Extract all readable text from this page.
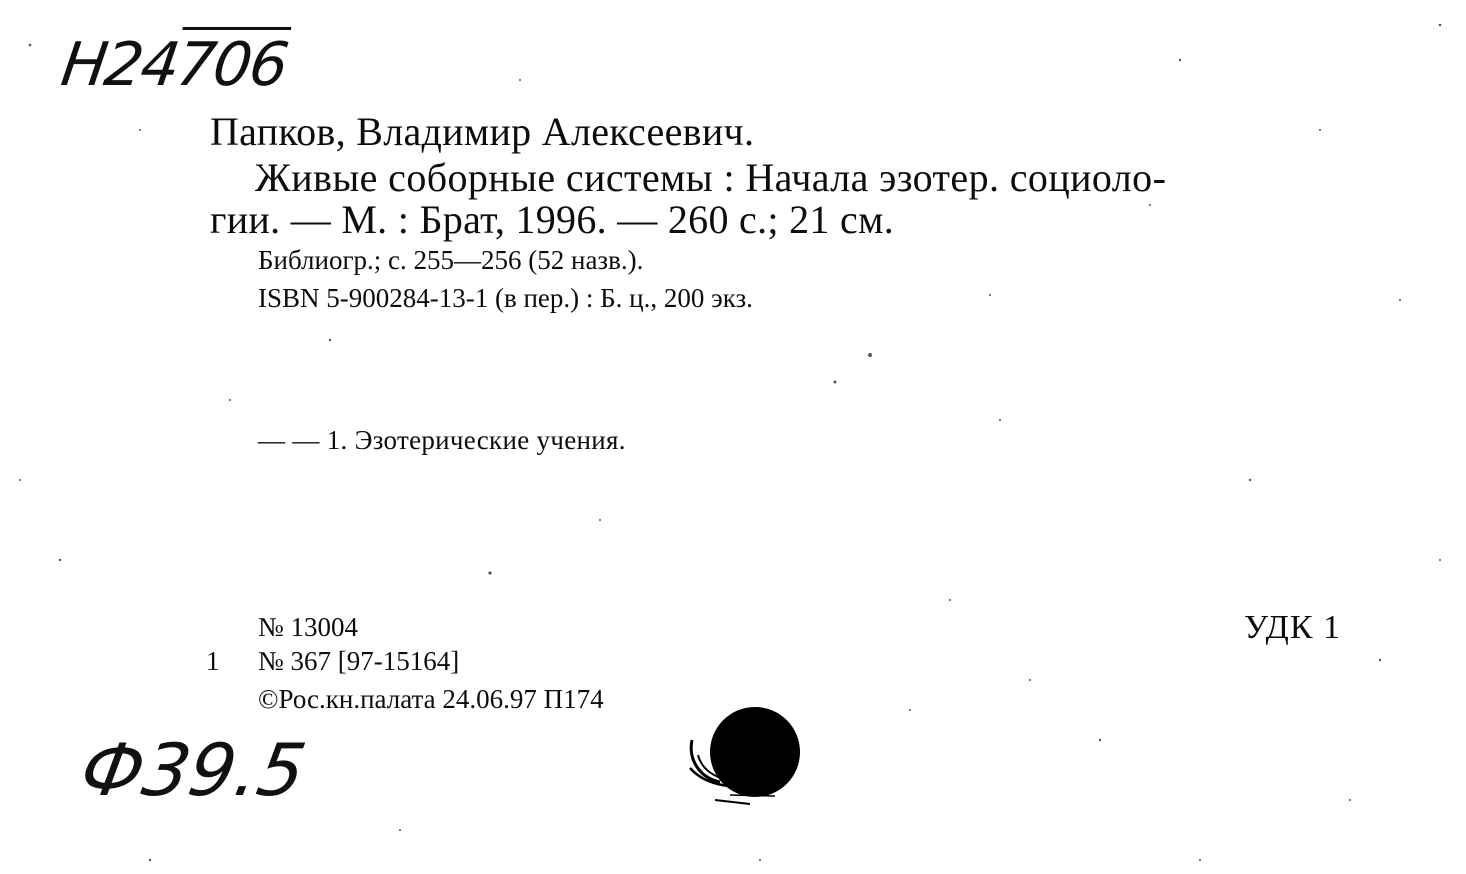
Н24706
Папков, Владимир Алексеевич.
Живые соборные системы : Начала эзотер. социоло-
гии. — М. : Брат, 1996. — 260 с.; 21 см.
Библиогр.; с. 255—256 (52 назв.).
ISBN 5-900284-13-1 (в пер.) : Б. ц., 200 экз.
— — 1. Эзотерические учения.
№ 13004
1 № 367 [97-15164]
©Рос.кн.палата 24.06.97 П174
УДК 1
Ф39.5
